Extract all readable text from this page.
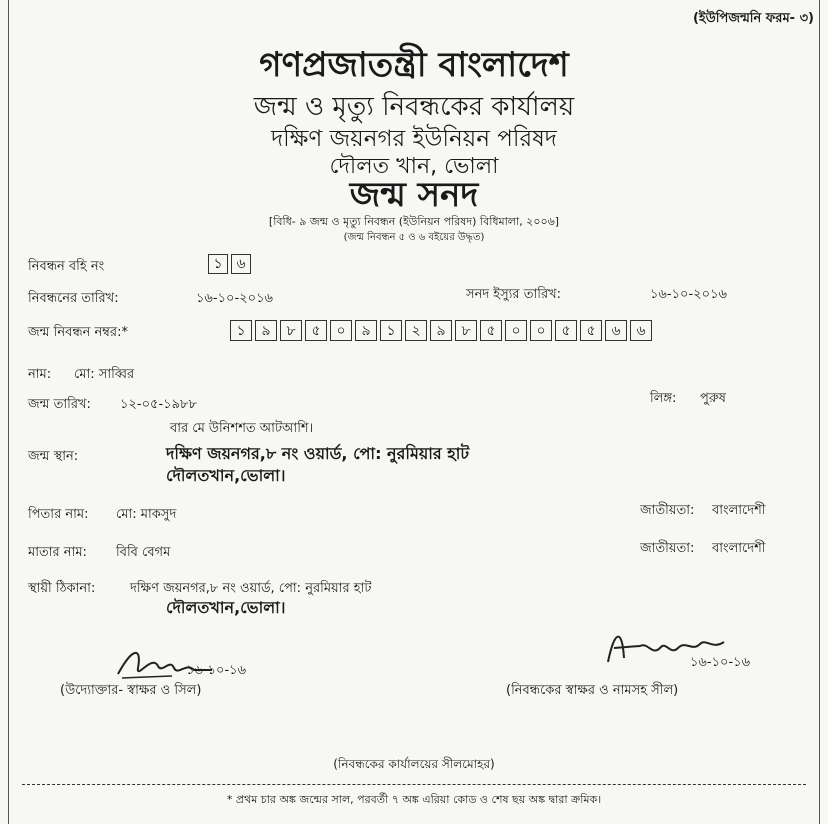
(ইউপিজন্মনি ফরম- ৩)
গণপ্রজাতন্ত্রী বাংলাদেশ
জন্ম ও মৃত্যু নিবন্ধকের কার্যালয়
দক্ষিণ জয়নগর ইউনিয়ন পরিষদ
দৌলত খান, ভোলা
জন্ম সনদ
[বিধি- ৯ জন্ম ও মৃত্যু নিবন্ধন (ইউনিয়ন পরিষদ) বিধিমালা, ২০০৬]
(জন্ম নিবন্ধন ৫ ও ৬ বইয়ের উদ্ধৃত)
নিবন্ধন বহি নং	১ ৬
নিবন্ধনের তারিখ:	১৬-১০-২০১৬	সনদ ইস্যুর তারিখ:	১৬-১০-২০১৬
জন্ম নিবন্ধন নম্বর:*	১	৯	৮	৫	০	৯	১	২	৯	৮	৫	০	০	৫	৫	৬	৬
নাম: মো: সাব্বির
জন্ম তারিখ: ১২-০৫-১৯৮৮
বার মে উনিশশত আটআশি।
লিঙ্গ: পুরুষ
জন্ম স্থান:	দক্ষিণ জয়নগর,৮ নং ওয়ার্ড, পো: নুরমিয়ার হাট
দৌলতখান,ভোলা।
পিতার নাম: মো: মাকসুদ	জাতীয়তা: বাংলাদেশী
মাতার নাম: বিবি বেগম	জাতীয়তা: বাংলাদেশী
স্থায়ী ঠিকানা:	দক্ষিণ জয়নগর,৮ নং ওয়ার্ড, পো: নুরমিয়ার হাট
দৌলতখান,ভোলা।
১৬-১০-১৬
(উদ্যোক্তার- স্বাক্ষর ও সিল)
১৬-১০-১৬
(নিবন্ধকের স্বাক্ষর ও নামসহ সীল)
(নিবন্ধকের কার্যালয়ের সীলমোহর)
* প্রথম চার অঙ্ক জন্মের সাল, পরবর্তী ৭ অঙ্ক এরিয়া কোড ও শেষ ছয় অঙ্ক দ্বারা ক্রমিক।
